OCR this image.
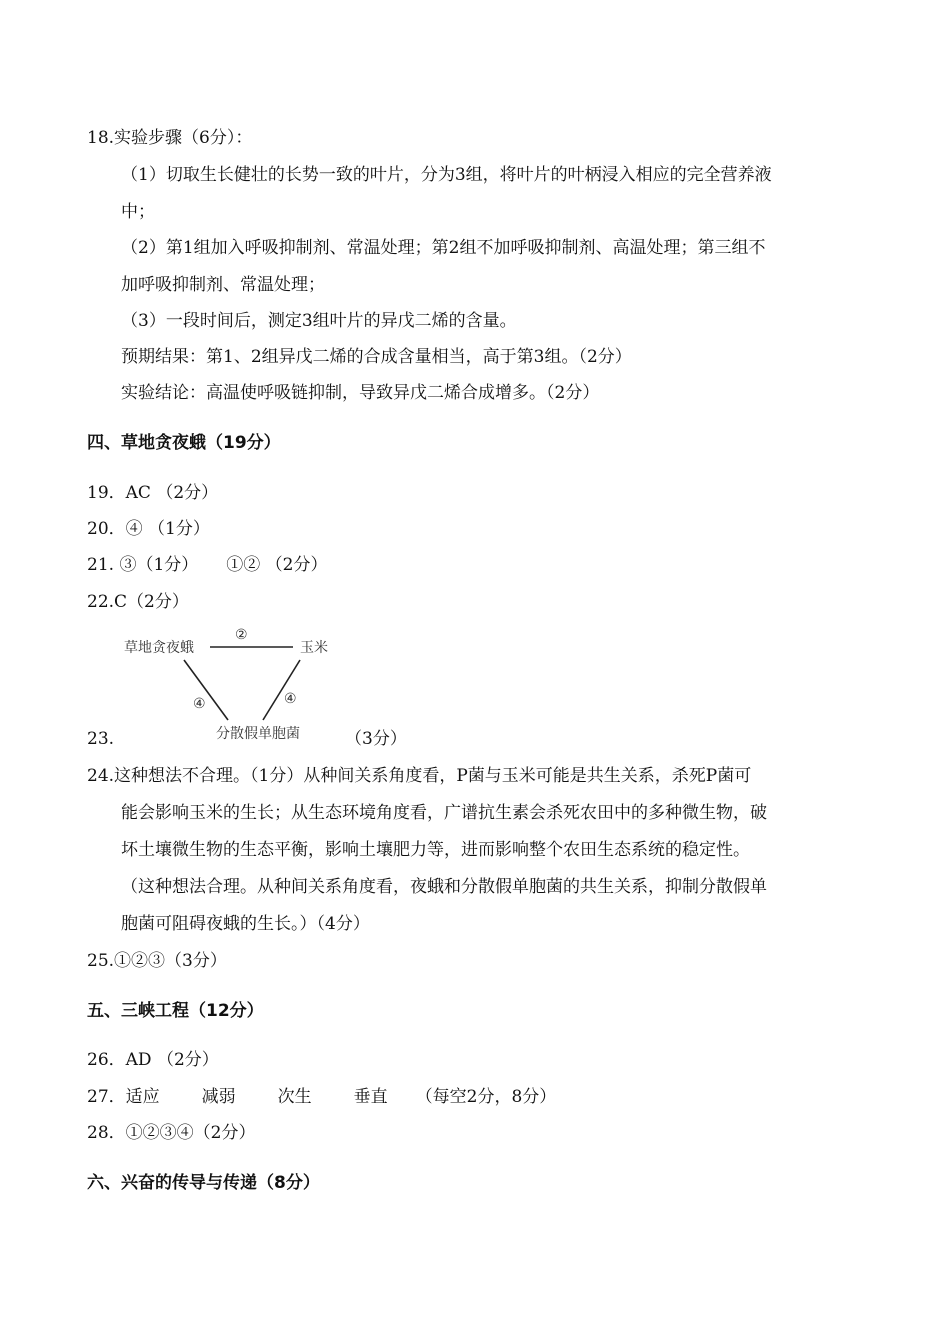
18.实验步骤（6分）：
（1）切取生长健壮的长势一致的叶片，分为3组，将叶片的叶柄浸入相应的完全营养液
中；
（2）第1组加入呼吸抑制剂、常温处理；第2组不加呼吸抑制剂、高温处理；第三组不
加呼吸抑制剂、常温处理；
（3）一段时间后，测定3组叶片的异戊二烯的含量。
预期结果：第1、2组异戊二烯的合成含量相当，高于第3组。（2分）
实验结论：高温使呼吸链抑制，导致异戊二烯合成增多。（2分）
四、草地贪夜蛾（19分）
19．AC （2分）
20．④ （1分）
21. ③（1分） ①② （2分）
22.C（2分）
23.
草地贪夜蛾	玉米
分散假单胞菌
②
④	④
（3分）
24.这种想法不合理。（1分）从种间关系角度看，P菌与玉米可能是共生关系，杀死P菌可
能会影响玉米的生长；从生态环境角度看，广谱抗生素会杀死农田中的多种微生物，破
坏土壤微生物的生态平衡，影响土壤肥力等，进而影响整个农田生态系统的稳定性。
（这种想法合理。从种间关系角度看，夜蛾和分散假单胞菌的共生关系，抑制分散假单
胞菌可阻碍夜蛾的生长。）（4分）
25.①②③（3分）
五、三峡工程（12分）
26．AD （2分）
27．适应 减弱 次生 垂直 （每空2分，8分）
28．①②③④（2分）
六、兴奋的传导与传递（8分）
